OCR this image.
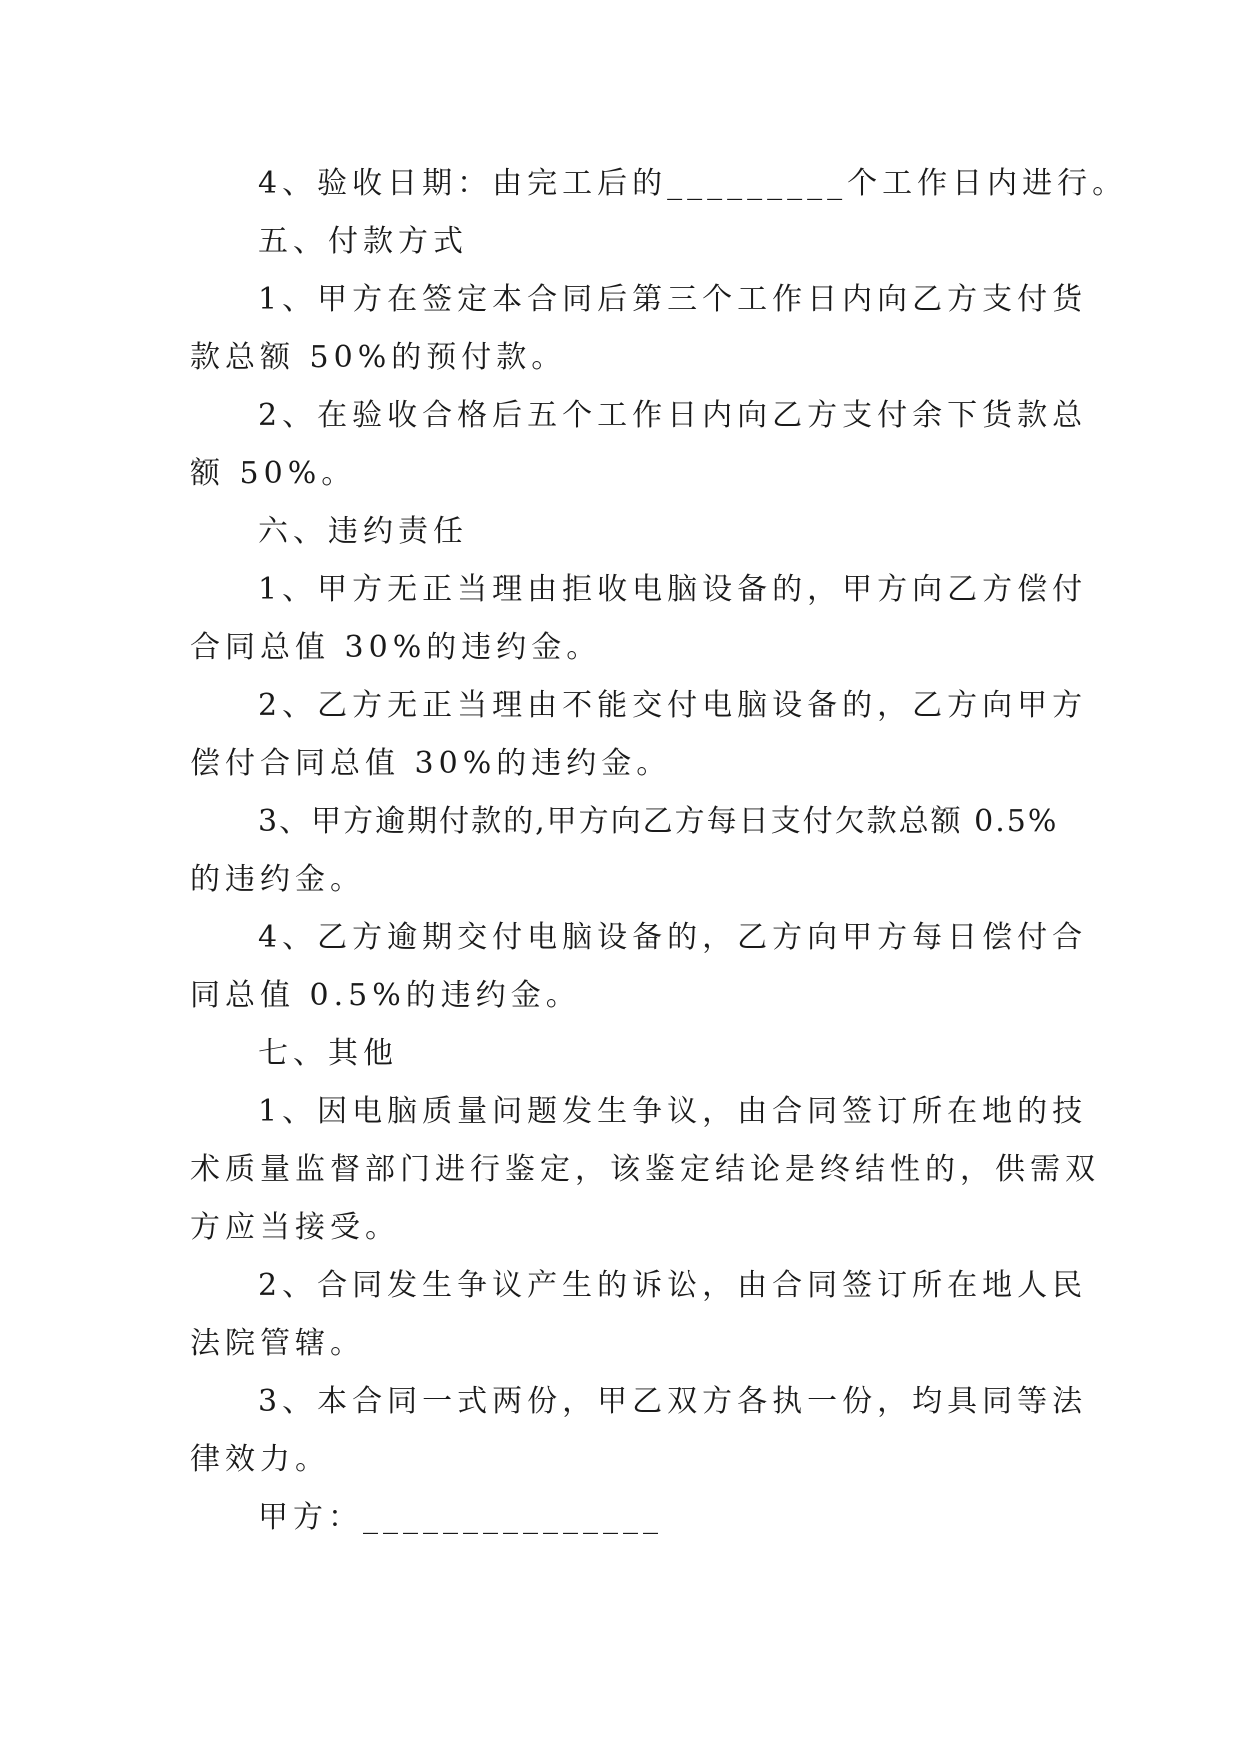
4、验收日期：由完工后的_________个工作日内进行。
五、付款方式
1、甲方在签定本合同后第三个工作日内向乙方支付货
款总额 50%的预付款。
2、在验收合格后五个工作日内向乙方支付余下货款总
额 50%。
六、违约责任
1、甲方无正当理由拒收电脑设备的，甲方向乙方偿付
合同总值 30%的违约金。
2、乙方无正当理由不能交付电脑设备的，乙方向甲方
偿付合同总值 30%的违约金。
3、甲方逾期付款的,甲方向乙方每日支付欠款总额 0.5%
的违约金。
4、乙方逾期交付电脑设备的，乙方向甲方每日偿付合
同总值 0.5%的违约金。
七、其他
1、因电脑质量问题发生争议，由合同签订所在地的技
术质量监督部门进行鉴定，该鉴定结论是终结性的，供需双
方应当接受。
2、合同发生争议产生的诉讼，由合同签订所在地人民
法院管辖。
3、本合同一式两份，甲乙双方各执一份，均具同等法
律效力。
甲方：_______________
